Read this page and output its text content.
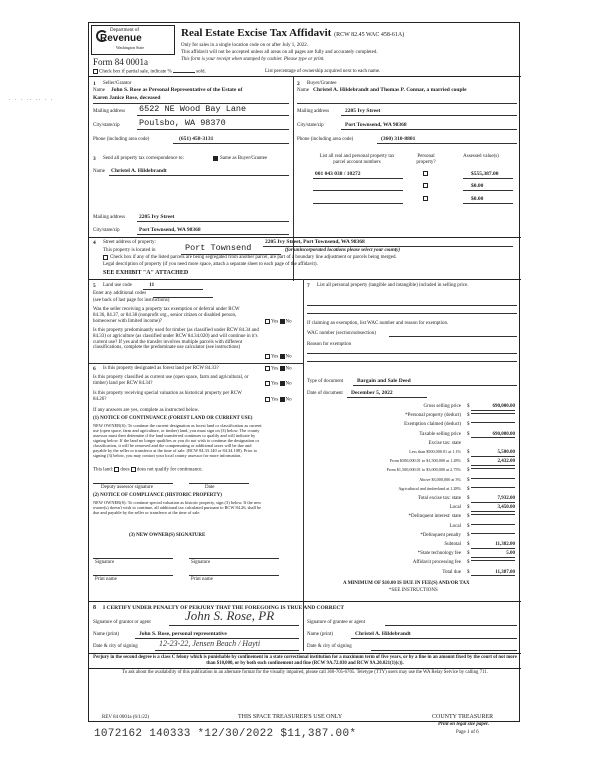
Department of
Revenue
Washington State
Form 84 0001a
Check box if partial sale, indicate %	sold.
Real Estate Excise Tax Affidavit (RCW 82.45 WAC 458-61A)
Only for sales in a single location code on or after July 1, 2022.
This affidavit will not be accepted unless all areas on all pages are fully and accurately completed.
This form is your receipt when stamped by cashier. Please type or print.
List percentage of ownership acquired next to each name.
1 Seller/Grantor
Name John S. Rose as Personal Representative of the Estate of
Karen Janice Rose, deceased
Mailing address 6522 NE Wood Bay Lane
City/state/zip Poulsbo, WA 98370
Phone (including area code)	(651) 458-3131
2 Buyer/Grantee
Name Christel A. Hildebrandt and Thomas P. Connar, a married couple
Mailing address	2205 Ivy Street
City/state/zip	Port Townsend, WA 98368
Phone (including area code)	(360) 310-8801
3 Send all property tax correspondence to:	Same as Buyer/Grantee
Name Christel A. Hildebrandt
Mailing address	2205 Ivy Street
City/state/zip	Port Townsend, WA 98368
List all real and personal property tax parcel account numbers
Personal property?
Assessed value(s)
001 043 038 / 10272	$555,387.00
$0.00
$0.00
4 Street address of property:	2205 Ivy Street, Port Townsend, WA 98368
This property is located in	Port Townsend	(for unincorporated locations please select your county)
Check box if any of the listed parcels are being segregated from another parcel, are part of a boundary line adjustment or parcels being merged.
Legal description of property (if you need more space, attach a separate sheet to each page of the affidavit).
SEE EXHIBIT "A" ATTACHED
5 Land use code	11
Enter any additional codes
(see back of last page for instructions)
Was the seller receiving a property tax exemption or deferral under RCW 84.36, 84.37, or 84.38 (nonprofit org., senior citizen or disabled person, homeowner with limited income)?	Yes No
Is this property predominantly used for timber (as classified under RCW 84.34 and 84.33) or agriculture (as classified under RCW 84.34.020) and will continue in it's current use? If yes and the transfer involves multiple parcels with different classifications, complete the predominate use calculator (see instructions)
Yes No
6 Is this property designated as forest land per RCW 84.33?	Yes No
Is this property classified as current use (open space, farm and agricultural, or timber) land per RCW 84.34?	Yes No
Is this property receiving special valuation as historical property per RCW 84.26?	Yes No
If any answers are yes, complete as instructed below.
(1) NOTICE OF CONTINUANCE (FOREST LAND OR CURRENT USE)
NEW OWNER(S): To continue the current designation as forest land or classification as current use (open space, farm and agriculture, or timber) land, you must sign on (3) below. The county assessor must then determine if the land transferred continues to qualify and will indicate by signing below. If the land no longer qualifies or you do not wish to continue the designation or classification, it will be removed and the compensating or additional taxes will be due and payable by the seller or transferor at the time of sale. (RCW 84.33.140 or 84.34.108). Prior to signing (3) below, you may contact your local county assessor for more information.
This land: does does not qualify for continuance.
Deputy assessor signature	Date
(2) NOTICE OF COMPLIANCE (HISTORIC PROPERTY)
NEW OWNER(S): To continue special valuation as historic property, sign (3) below. If the new owner(s) doesn't wish to continue, all additional tax calculated pursuant to RCW 84.26, shall be due and payable by the seller or transferor at the time of sale.
(3) NEW OWNER(S) SIGNATURE
Signature	Signature
Print name	Print name
7 List all personal property (tangible and intangible) included in selling price.
If claiming an exemption, list WAC number and reason for exemption.
WAC number (section/subsection)
Reason for exemption
Type of document Bargain and Sale Deed
Date of document December 5, 2022
Gross selling price $	690,000.00
*Personal property (deduct) $
Exemption claimed (deduct) $
Taxable selling price $	690,000.00
Excise tax: state
Less than $500,000.01 at 1.1% $	5,500.00
From $500,000.01 to $1,500,000 at 1.28% $	2,432.00
From $1,500,000.01 to $3,000,000 at 2.75% $
Above $3,000,000 at 3% $
Agricultural and timberland at 1.28% $
Total excise tax: state $	7,932.00
Local $	3,450.00
*Delinquent interest: state $
Local $
*Delinquent penalty $
Subtotal $	11,382.00
*State technology fee $	5.00
Affidavit processing fee $
Total due $	11,387.00
A MINIMUM OF $10.00 IS DUE IN FEE(S) AND/OR TAX
*SEE INSTRUCTIONS
8 I CERTIFY UNDER PENALTY OF PERJURY THAT THE FOREGOING IS TRUE AND CORRECT
Signature of grantor or agent	John S. Rose, PR
Name (print)	John S. Rose, personal representative
Date & city of signing	12-23-22, Jensen Beach / Hayti
Signature of grantee or agent
Name (print)	Christel A. Hildebrandt
Date & city of signing
Perjury in the second degree is a class C felony which is punishable by confinement in a state correctional institution for a maximum term of five years, or by a fine in an amount fixed by the court of not more than $10,000, or by both such confinement and fine (RCW 9A.72.030 and RCW 9A.20.021(1)(c)).
To ask about the availability of this publication in an alternate format for the visually impaired, please call 360-705-6705. Teletype (TTY) users may use the WA Relay Service by calling 711.
REV 84 0001a (6/1/22)	THIS SPACE TREASURER'S USE ONLY	COUNTY TREASURER
Print on legal size paper.
Page 1 of 6
1072162 140333 *12/30/2022 $11,387.00*
· · · ·- ·· · ·
